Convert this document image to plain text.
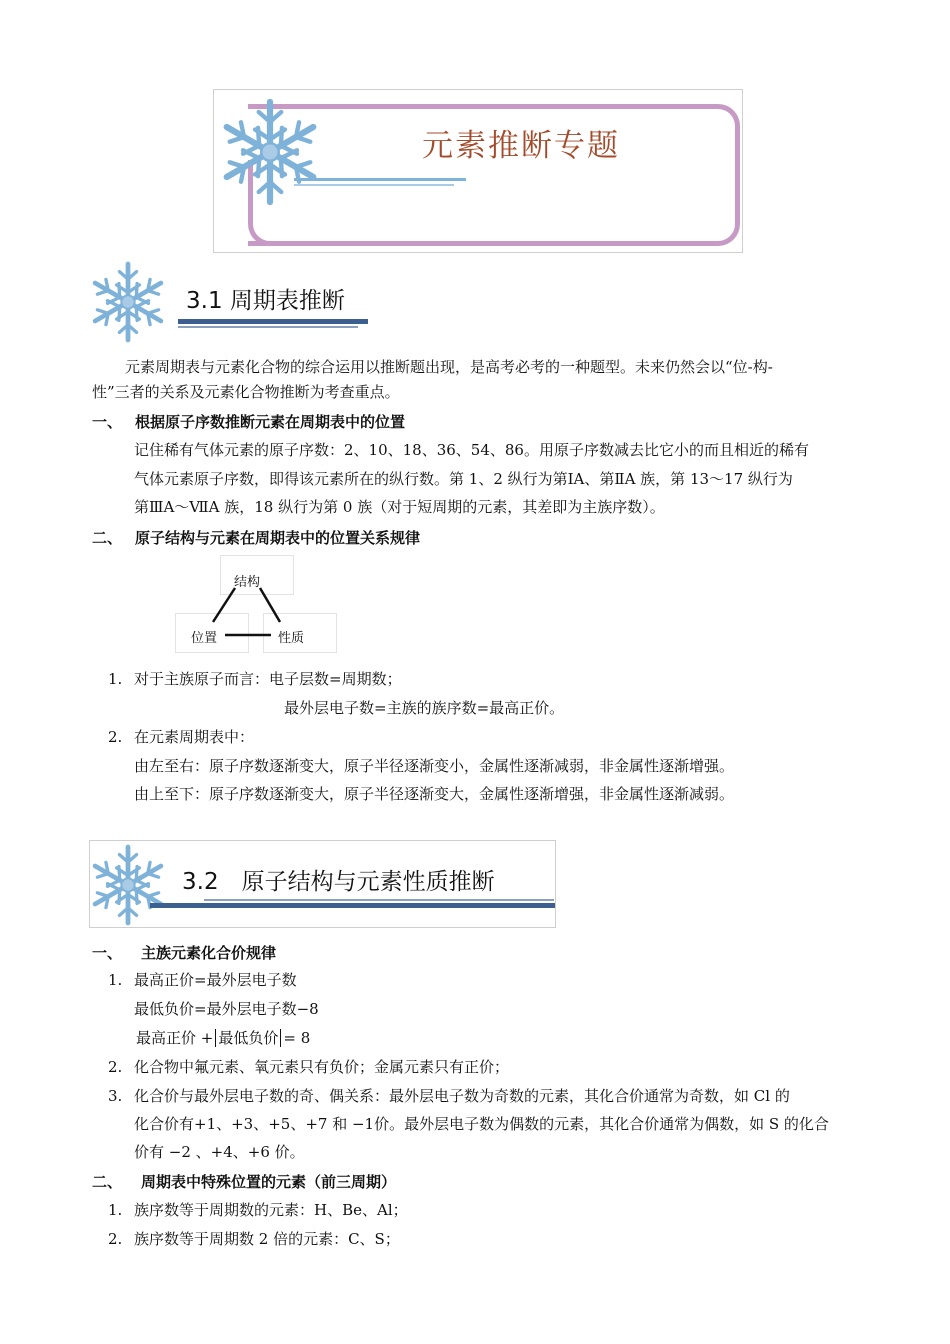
元素推断专题
3.1 周期表推断
元素周期表与元素化合物的综合运用以推断题出现，是高考必考的一种题型。未来仍然会以“位-构-
性”三者的关系及元素化合物推断为考查重点。
一、 根据原子序数推断元素在周期表中的位置
记住稀有气体元素的原子序数：2、10、18、36、54、86。用原子序数减去比它小的而且相近的稀有
气体元素原子序数，即得该元素所在的纵行数。第 1、2 纵行为第ⅠA、第ⅡA 族，第 13～17 纵行为
第ⅢA～ⅦA 族，18 纵行为第 0 族（对于短周期的元素，其差即为主族序数）。
二、 原子结构与元素在周期表中的位置关系规律
结构
位置	性质
1. 对于主族原子而言：电子层数=周期数；
最外层电子数=主族的族序数=最高正价。
2. 在元素周期表中：
由左至右：原子序数逐渐变大，原子半径逐渐变小，金属性逐渐减弱，非金属性逐渐增强。
由上至下：原子序数逐渐变大，原子半径逐渐变大，金属性逐渐增强，非金属性逐渐减弱。
3.2　原子结构与元素性质推断
一、 主族元素化合价规律
1. 最高正价=最外层电子数
最低负价=最外层电子数−8
最高正价 + 最低负价 = 8
2. 化合物中氟元素、氧元素只有负价；金属元素只有正价；
3. 化合价与最外层电子数的奇、偶关系：最外层电子数为奇数的元素，其化合价通常为奇数，如 Cl 的
化合价有+1、+3、+5、+7 和 −1价。最外层电子数为偶数的元素，其化合价通常为偶数，如 S 的化合
价有 −2 、+4、+6 价。
二、 周期表中特殊位置的元素（前三周期）
1. 族序数等于周期数的元素：H、Be、Al；
2. 族序数等于周期数 2 倍的元素：C、S；
